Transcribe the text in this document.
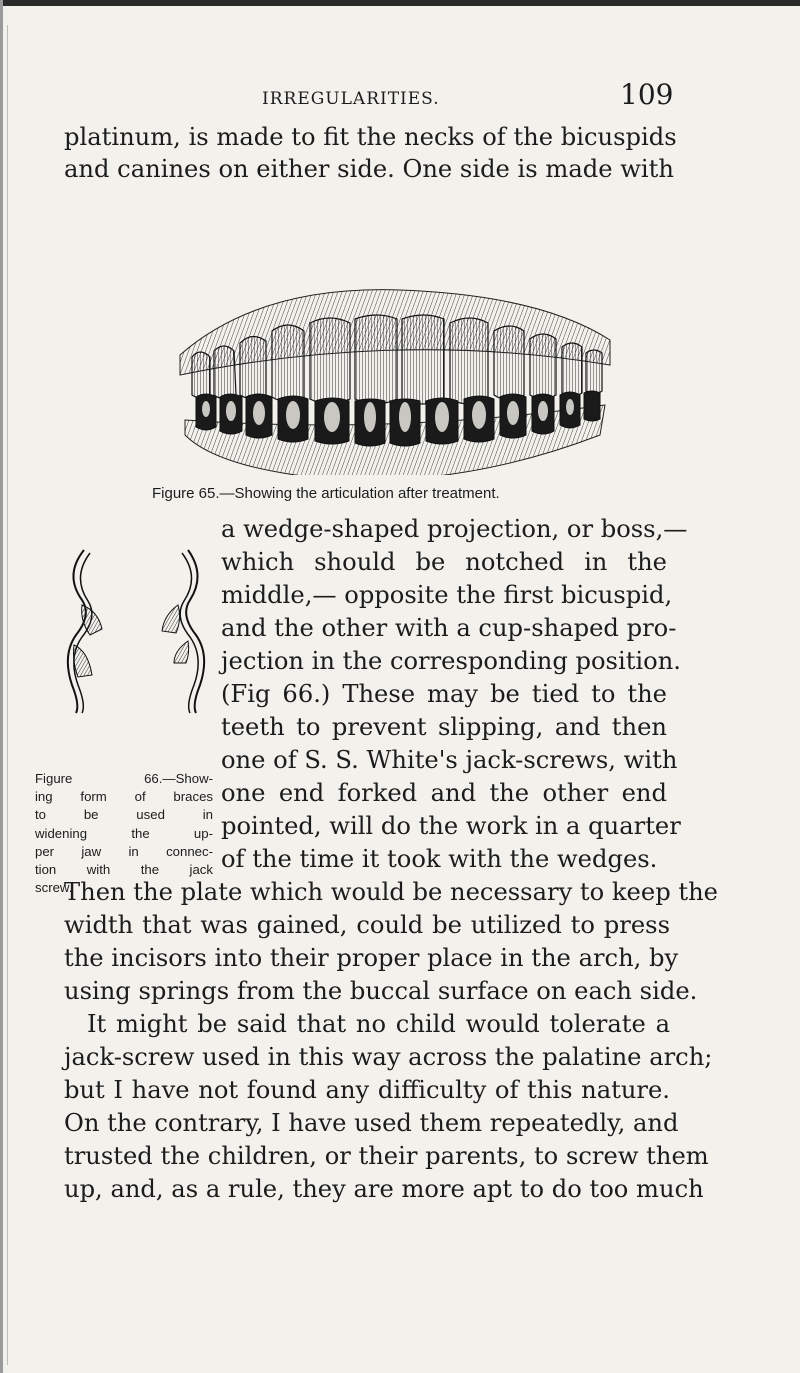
IRREGULARITIES.	109
platinum, is made to fit the necks of the bicuspids
and canines on either side. One side is made with
Figure 65.—Showing the articulation after treatment.
a wedge-shaped projection, or boss,—
which should be notched in the
middle,— opposite the first bicuspid,
and the other with a cup-shaped pro-
jection in the corresponding position.
(Fig 66.) These may be tied to the
teeth to prevent slipping, and then
one of S. S. White's jack-screws, with
one end forked and the other end
pointed, will do the work in a quarter
of the time it took with the wedges.
Figure 66.—Show-
ing form of braces
to be used in
widening the up-
per jaw in connec-
tion with the jack
screw.
Then the plate which would be necessary to keep the
width that was gained, could be utilized to press
the incisors into their proper place in the arch, by
using springs from the buccal surface on each side.
It might be said that no child would tolerate a
jack-screw used in this way across the palatine arch;
but I have not found any difficulty of this nature.
On the contrary, I have used them repeatedly, and
trusted the children, or their parents, to screw them
up, and, as a rule, they are more apt to do too much
